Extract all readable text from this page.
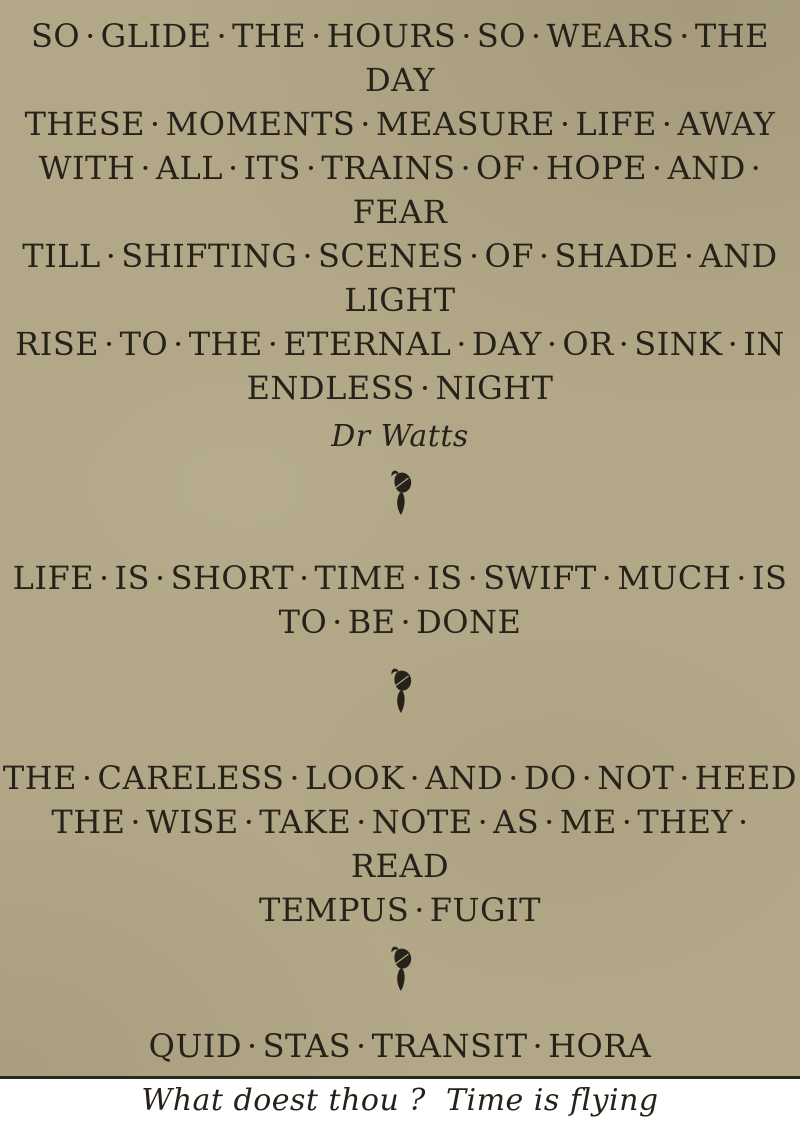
SO · GLIDE · THE · HOURS · SO · WEARS · THE
DAY
THESE · MOMENTS · MEASURE · LIFE · AWAY
WITH · ALL · ITS · TRAINS · OF · HOPE · AND · FEAR
TILL · SHIFTING · SCENES · OF · SHADE · AND
LIGHT
RISE · TO · THE · ETERNAL · DAY · OR · SINK · IN
ENDLESS · NIGHT
Dr Watts
LIFE · IS · SHORT · TIME · IS · SWIFT · MUCH · IS
TO · BE · DONE
THE · CARELESS · LOOK · AND · DO · NOT · HEED
THE · WISE · TAKE · NOTE · AS · ME · THEY · READ
TEMPUS · FUGIT
QUID · STAS · TRANSIT · HORA
What doest thou ?  Time is flying
